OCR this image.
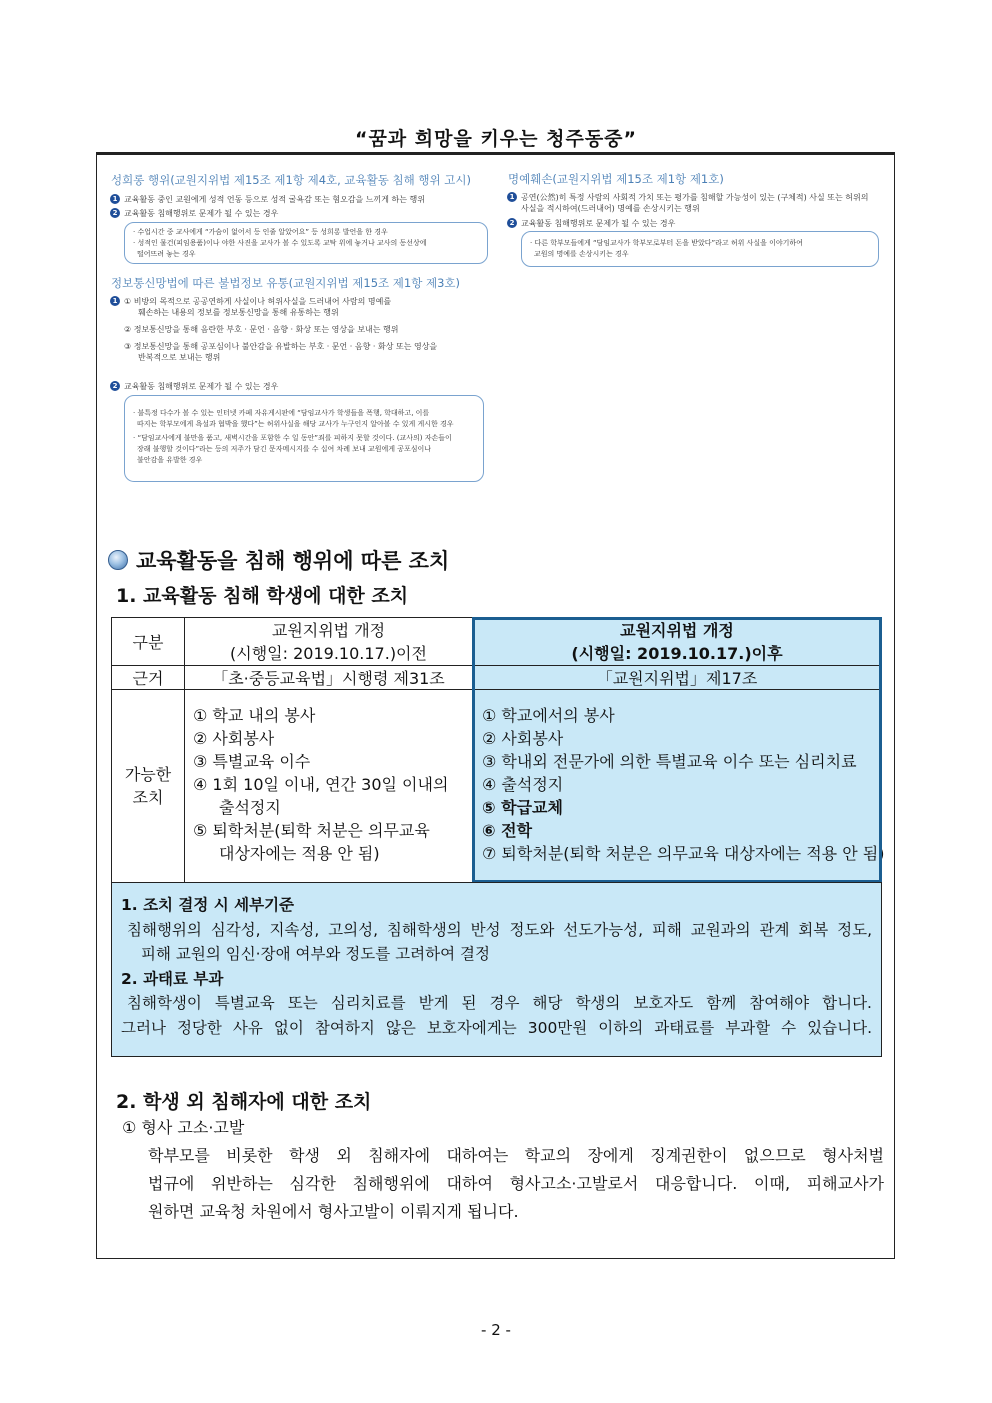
“꿈과 희망을 키우는 청주동중”
성희롱 행위(교원지위법 제15조 제1항 제4호, 교육활동 침해 행위 고시)
1 교육활동 중인 교원에게 성적 언동 등으로 성적 굴욕감 또는 혐오감을 느끼게 하는 행위
2 교육활동 침해행위로 문제가 될 수 있는 경우
· 수업시간 중 교사에게 “가슴이 없어서 등 인줄 알았어요” 등 성희롱 발언을 한 경우
· 성적인 물건(피임용품)이나 야한 사진을 교사가 볼 수 있도록 교탁 위에 놓거나 교사의 동선상에
떨어뜨려 놓는 경우
정보통신망법에 따른 불법정보 유통(교원지위법 제15조 제1항 제3호)
1 ① 비방의 목적으로 공공연하게 사실이나 허위사실을 드러내어 사람의 명예를
훼손하는 내용의 정보를 정보통신망을 통해 유통하는 행위
② 정보통신망을 통해 음란한 부호 · 문언 · 음향 · 화상 또는 영상을 보내는 행위
③ 정보통신망을 통해 공포심이나 불안감을 유발하는 부호 · 문언 · 음향 · 화상 또는 영상을
반복적으로 보내는 행위
2 교육활동 침해행위로 문제가 될 수 있는 경우
· 불특정 다수가 볼 수 있는 인터넷 카페 자유게시판에 “담임교사가 학생들을 폭행, 학대하고, 이를
따지는 학부모에게 욕설과 협박을 했다”는 허위사실을 해당 교사가 누구인지 알아볼 수 있게 게시한 경우
· “담임교사에게 불만을 품고, 새벽시간을 포함한 수 일 동안”죄를 피하지 못할 것이다. (교사의) 자손들이
장래 불행할 것이다”라는 등의 저주가 담긴 문자메시지를 수 십여 차례 보내 교원에게 공포심이나
불안감을 유발한 경우
명예훼손(교원지위법 제15조 제1항 제1호)
1 공연(公然)히 특정 사람의 사회적 가치 또는 평가를 침해할 가능성이 있는 (구체적) 사실 또는 허위의
사실을 적시하여(드러내어) 명예를 손상시키는 행위
2 교육활동 침해행위로 문제가 될 수 있는 경우
· 다른 학부모들에게 “담임교사가 학부모로부터 돈을 받았다”라고 허위 사실을 이야기하여
교원의 명예를 손상시키는 경우
교육활동을 침해 행위에 따른 조치
1. 교육활동 침해 학생에 대한 조치
구분
교원지위법 개정
(시행일: 2019.10.17.)이전
교원지위법 개정
(시행일: 2019.10.17.)이후
근거	「초·중등교육법」시행령 제31조	「교원지위법」제17조
가능한
조치
① 학교 내의 봉사
② 사회봉사
③ 특별교육 이수
④ 1회 10일 이내, 연간 30일 이내의
출석정지
⑤ 퇴학처분(퇴학 처분은 의무교육
대상자에는 적용 안 됨)
① 학교에서의 봉사
② 사회봉사
③ 학내외 전문가에 의한 특별교육 이수 또는 심리치료
④ 출석정지
⑤ 학급교체
⑥ 전학
⑦ 퇴학처분(퇴학 처분은 의무교육 대상자에는 적용 안 됨)
1. 조치 결정 시 세부기준
침해행위의 심각성, 지속성, 고의성, 침해학생의 반성 정도와 선도가능성, 피해 교원과의 관계 회복 정도,
피해 교원의 임신·장애 여부와 정도를 고려하여 결정
2. 과태료 부과
침해학생이 특별교육 또는 심리치료를 받게 된 경우 해당 학생의 보호자도 함께 참여해야 합니다.
그러나 정당한 사유 없이 참여하지 않은 보호자에게는 300만원 이하의 과태료를 부과할 수 있습니다.
2. 학생 외 침해자에 대한 조치
① 형사 고소·고발
학부모를 비롯한 학생 외 침해자에 대하여는 학교의 장에게 징계권한이 없으므로 형사처벌
법규에 위반하는 심각한 침해행위에 대하여 형사고소·고발로서 대응합니다. 이때, 피해교사가
원하면 교육청 차원에서 형사고발이 이뤄지게 됩니다.
- 2 -
